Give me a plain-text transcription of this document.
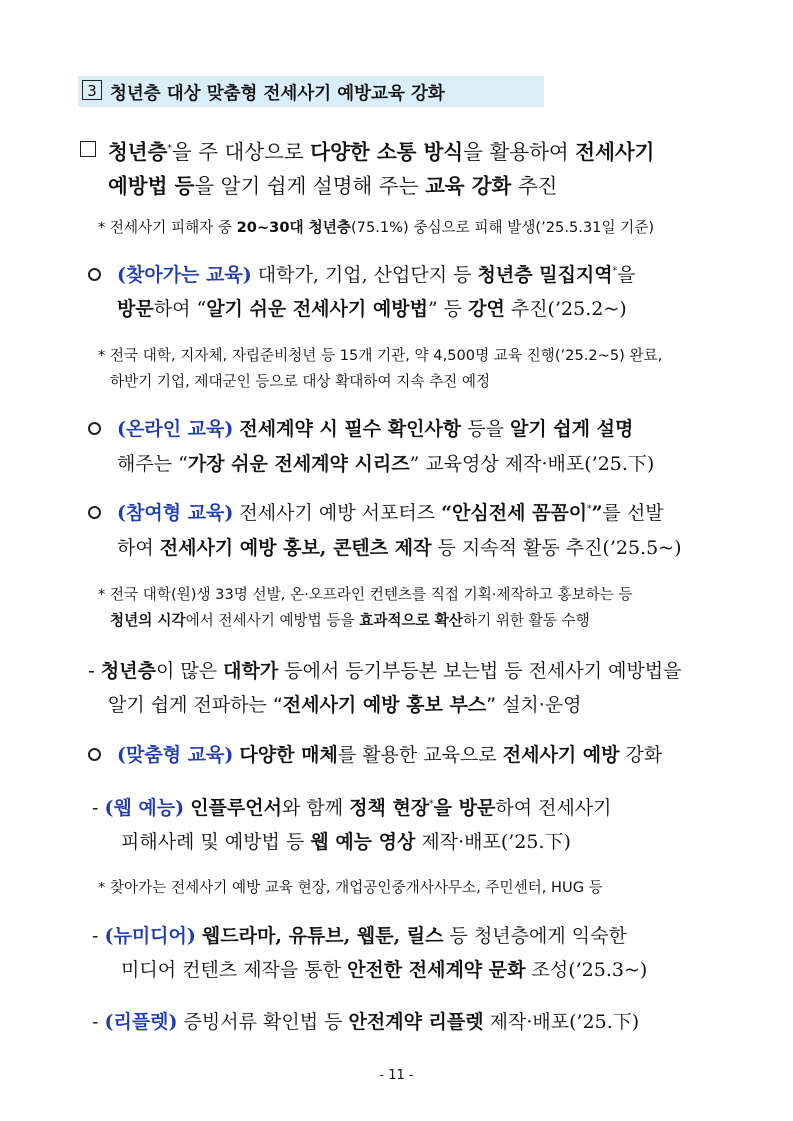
3 청년층 대상 맞춤형 전세사기 예방교육 강화
청년층*을 주 대상으로 다양한 소통 방식을 활용하여 전세사기
예방법 등을 알기 쉽게 설명해 주는 교육 강화 추진
* 전세사기 피해자 중 20~30대 청년층(75.1%) 중심으로 피해 발생(’25.5.31일 기준)
(찾아가는 교육) 대학가, 기업, 산업단지 등 청년층 밀집지역*을
방문하여 “알기 쉬운 전세사기 예방법” 등 강연 추진(’25.2~)
* 전국 대학, 지자체, 자립준비청년 등 15개 기관, 약 4,500명 교육 진행(’25.2~5) 완료,
하반기 기업, 제대군인 등으로 대상 확대하여 지속 추진 예정
(온라인 교육) 전세계약 시 필수 확인사항 등을 알기 쉽게 설명
해주는 “가장 쉬운 전세계약 시리즈” 교육영상 제작·배포(’25.下)
(참여형 교육) 전세사기 예방 서포터즈 “안심전세 꼼꼼이*”를 선발
하여 전세사기 예방 홍보, 콘텐츠 제작 등 지속적 활동 추진(’25.5~)
* 전국 대학(원)생 33명 선발, 온·오프라인 컨텐츠를 직접 기획·제작하고 홍보하는 등
청년의 시각에서 전세사기 예방법 등을 효과적으로 확산하기 위한 활동 수행
- 청년층이 많은 대학가 등에서 등기부등본 보는법 등 전세사기 예방법을
알기 쉽게 전파하는 “전세사기 예방 홍보 부스” 설치·운영
(맞춤형 교육) 다양한 매체를 활용한 교육으로 전세사기 예방 강화
- (웹 예능) 인플루언서와 함께 정책 현장*을 방문하여 전세사기
피해사례 및 예방법 등 웹 예능 영상 제작·배포(’25.下)
* 찾아가는 전세사기 예방 교육 현장, 개업공인중개사사무소, 주민센터, HUG 등
- (뉴미디어) 웹드라마, 유튜브, 웹툰, 릴스 등 청년층에게 익숙한
미디어 컨텐츠 제작을 통한 안전한 전세계약 문화 조성(’25.3~)
- (리플렛) 증빙서류 확인법 등 안전계약 리플렛 제작·배포(’25.下)
- 11 -
